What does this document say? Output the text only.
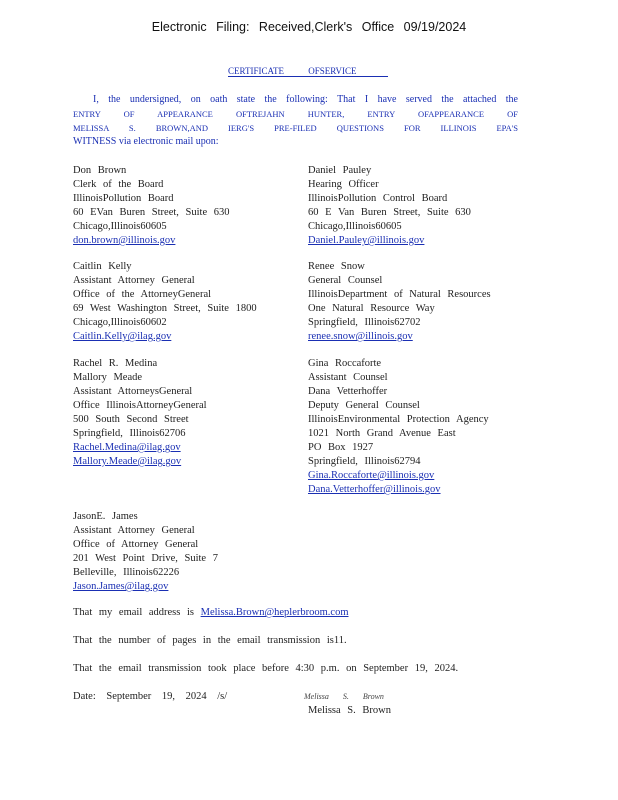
Electronic Filing: Received,Clerk's Office 09/19/2024
CERTIFICATE OFSERVICE
I, the undersigned, on oath state the following: That I have served the attached the
ENTRY OF APPEARANCE OFTREJAHN HUNTER, ENTRY OFAPPEARANCE OF
MELISSA S. BROWN,AND IERG'S PRE-FILED QUESTIONS FOR ILLINOIS EPA'S
WITNESS via electronic mail upon:
Don Brown
Clerk of the Board
IllinoisPollution Board
60 EVan Buren Street, Suite 630
Chicago,Illinois60605
don.brown@illinois.gov
Daniel Pauley
Hearing Officer
IllinoisPollution Control Board
60 E Van Buren Street, Suite 630
Chicago,Illinois60605
Daniel.Pauley@illinois.gov
Caitlin Kelly
Assistant Attorney General
Office of the AttorneyGeneral
69 West Washington Street, Suite 1800
Chicago,Illinois60602
Caitlin.Kelly@ilag.gov
Renee Snow
General Counsel
IllinoisDepartment of Natural Resources
One Natural Resource Way
Springfield, Illinois62702
renee.snow@illinois.gov
Rachel R. Medina
Mallory Meade
Assistant AttorneysGeneral
Office IllinoisAttorneyGeneral
500 South Second Street
Springfield, Illinois62706
Rachel.Medina@ilag.gov
Mallory.Meade@ilag.gov
Gina Roccaforte
Assistant Counsel
Dana Vetterhoffer
Deputy General Counsel
IllinoisEnvironmental Protection Agency
1021 North Grand Avenue East
PO Box 1927
Springfield, Illinois62794
Gina.Roccaforte@illinois.gov
Dana.Vetterhoffer@illinois.gov
JasonE. James
Assistant Attorney General
Office of Attorney General
201 West Point Drive, Suite 7
Belleville, Illinois62226
Jason.James@ilag.gov
That my email address is Melissa.Brown@heplerbroom.com
That the number of pages in the email transmission is11.
That the email transmission took place before 4:30 p.m. on September 19, 2024.
Date: September 19, 2024 /s/	Melissa S. Brown
Melissa S. Brown
